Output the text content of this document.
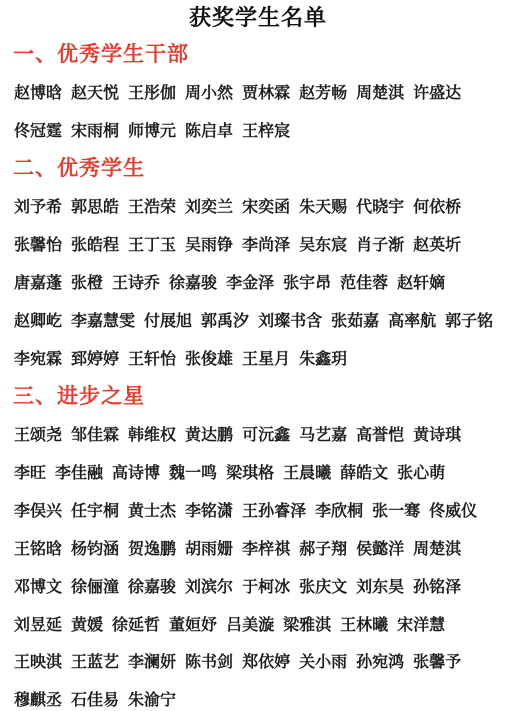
获奖学生名单
一、优秀学生干部
赵博晗 赵天悦 王彤伽 周小然 贾林霖 赵芳畅 周楚淇 许盛达
佟冠霆 宋雨桐 师博元 陈启卓 王梓宸
二、优秀学生
刘予希 郭思皓 王浩荣 刘奕兰 宋奕函 朱天赐 代晓宇 何依桥
张馨怡 张皓程 王丁玉 吴雨铮 李尚泽 吴东宸 肖子渐 赵英圻
唐嘉蓬 张橙 王诗乔 徐嘉骏 李金泽 张宇昂 范佳蓉 赵轩嫡
赵卿屹 李嘉慧雯 付展旭 郭禹汐 刘璨书含 张茹嘉 高率航 郭子铭
李宛霖 郅婷婷 王轩怡 张俊雄 王星月 朱鑫玥
三、进步之星
王颂尧 邹佳霖 韩维权 黄达鹏 可沅鑫 马艺嘉 高誉恺 黄诗琪
李旺 李佳融 高诗博 魏一鸣 梁琪格 王晨曦 薛皓文 张心萌
李俣兴 任宇桐 黄士杰 李铭潇 王孙睿泽 李欣桐 张一骞 佟威仪
王铭晗 杨钧涵 贺逸鹏 胡雨姗 李梓祺 郝子翔 侯懿洋 周楚淇
邓博文 徐俪潼 徐嘉骏 刘滨尔 于柯冰 张庆文 刘东昊 孙铭泽
刘昱延 黄媛 徐延哲 董姮妤 吕美漩 梁雅淇 王林曦 宋洋慧
王映淇 王蓝艺 李澜妍 陈书剑 郑依婷 关小雨 孙宛鸿 张馨予
穆麒丞 石佳易 朱渝宁
